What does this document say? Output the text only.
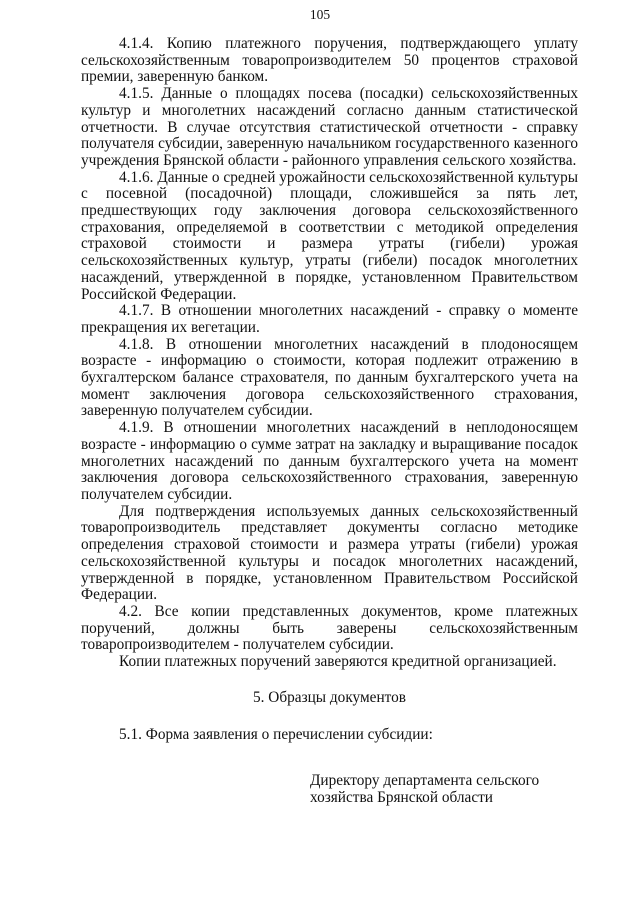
105

4.1.4. Копию платежного поручения, подтверждающего уплату сельскохозяйственным товаропроизводителем 50 процентов страховой премии, заверенную банком.

4.1.5. Данные о площадях посева (посадки) сельскохозяйственных культур и многолетних насаждений согласно данным статистической отчетности. В случае отсутствия статистической отчетности - справку получателя субсидии, заверенную начальником государственного казенного учреждения Брянской области - районного управления сельского хозяйства.

4.1.6. Данные о средней урожайности сельскохозяйственной культуры с посевной (посадочной) площади, сложившейся за пять лет, предшествующих году заключения договора сельскохозяйственного страхования, определяемой в соответствии с методикой определения страховой стоимости и размера утраты (гибели) урожая сельскохозяйственных культур, утраты (гибели) посадок многолетних насаждений, утвержденной в порядке, установленном Правительством Российской Федерации.

4.1.7. В отношении многолетних насаждений - справку о моменте прекращения их вегетации.

4.1.8. В отношении многолетних насаждений в плодоносящем возрасте - информацию о стоимости, которая подлежит отражению в бухгалтерском балансе страхователя, по данным бухгалтерского учета на момент заключения договора сельскохозяйственного страхования, заверенную получателем субсидии.

4.1.9. В отношении многолетних насаждений в неплодоносящем возрасте - информацию о сумме затрат на закладку и выращивание посадок многолетних насаждений по данным бухгалтерского учета на момент заключения договора сельскохозяйственного страхования, заверенную получателем субсидии.

Для подтверждения используемых данных сельскохозяйственный товаропроизводитель представляет документы согласно методике определения страховой стоимости и размера утраты (гибели) урожая сельскохозяйственной культуры и посадок многолетних насаждений, утвержденной в порядке, установленном Правительством Российской Федерации.

4.2. Все копии представленных документов, кроме платежных поручений, должны быть заверены сельскохозяйственным товаропроизводителем - получателем субсидии.

Копии платежных поручений заверяются кредитной организацией.

5. Образцы документов

5.1. Форма заявления о перечислении субсидии:

Директору департамента сельского
хозяйства Брянской области
